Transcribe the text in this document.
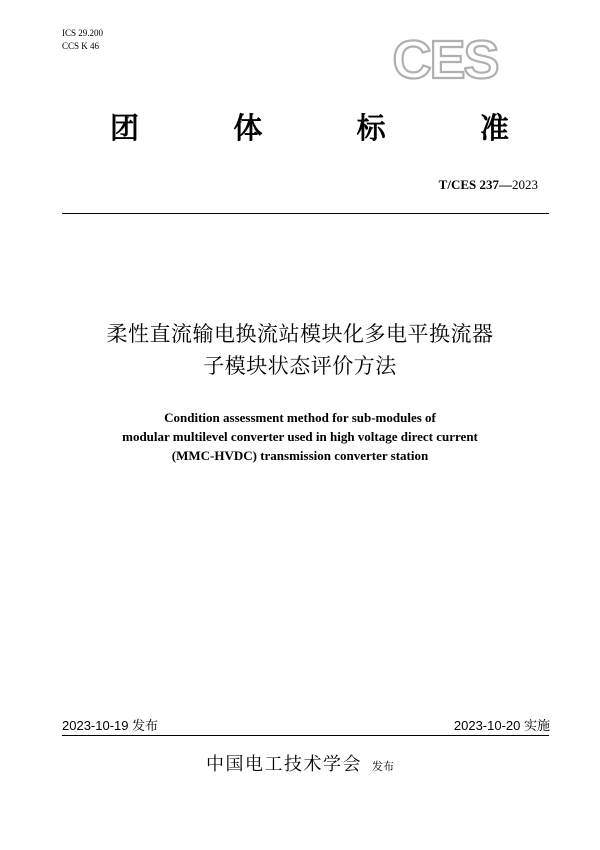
ICS 29.200
CCS K 46	CES
团	体	标	准
T/CES 237—2023
柔性直流输电换流站模块化多电平换流器
子模块状态评价方法
Condition assessment method for sub-modules of
modular multilevel converter used in high voltage direct current
(MMC-HVDC) transmission converter station
2023-10-19 发布	2023-10-20 实施
中国电工技术学会 发布
